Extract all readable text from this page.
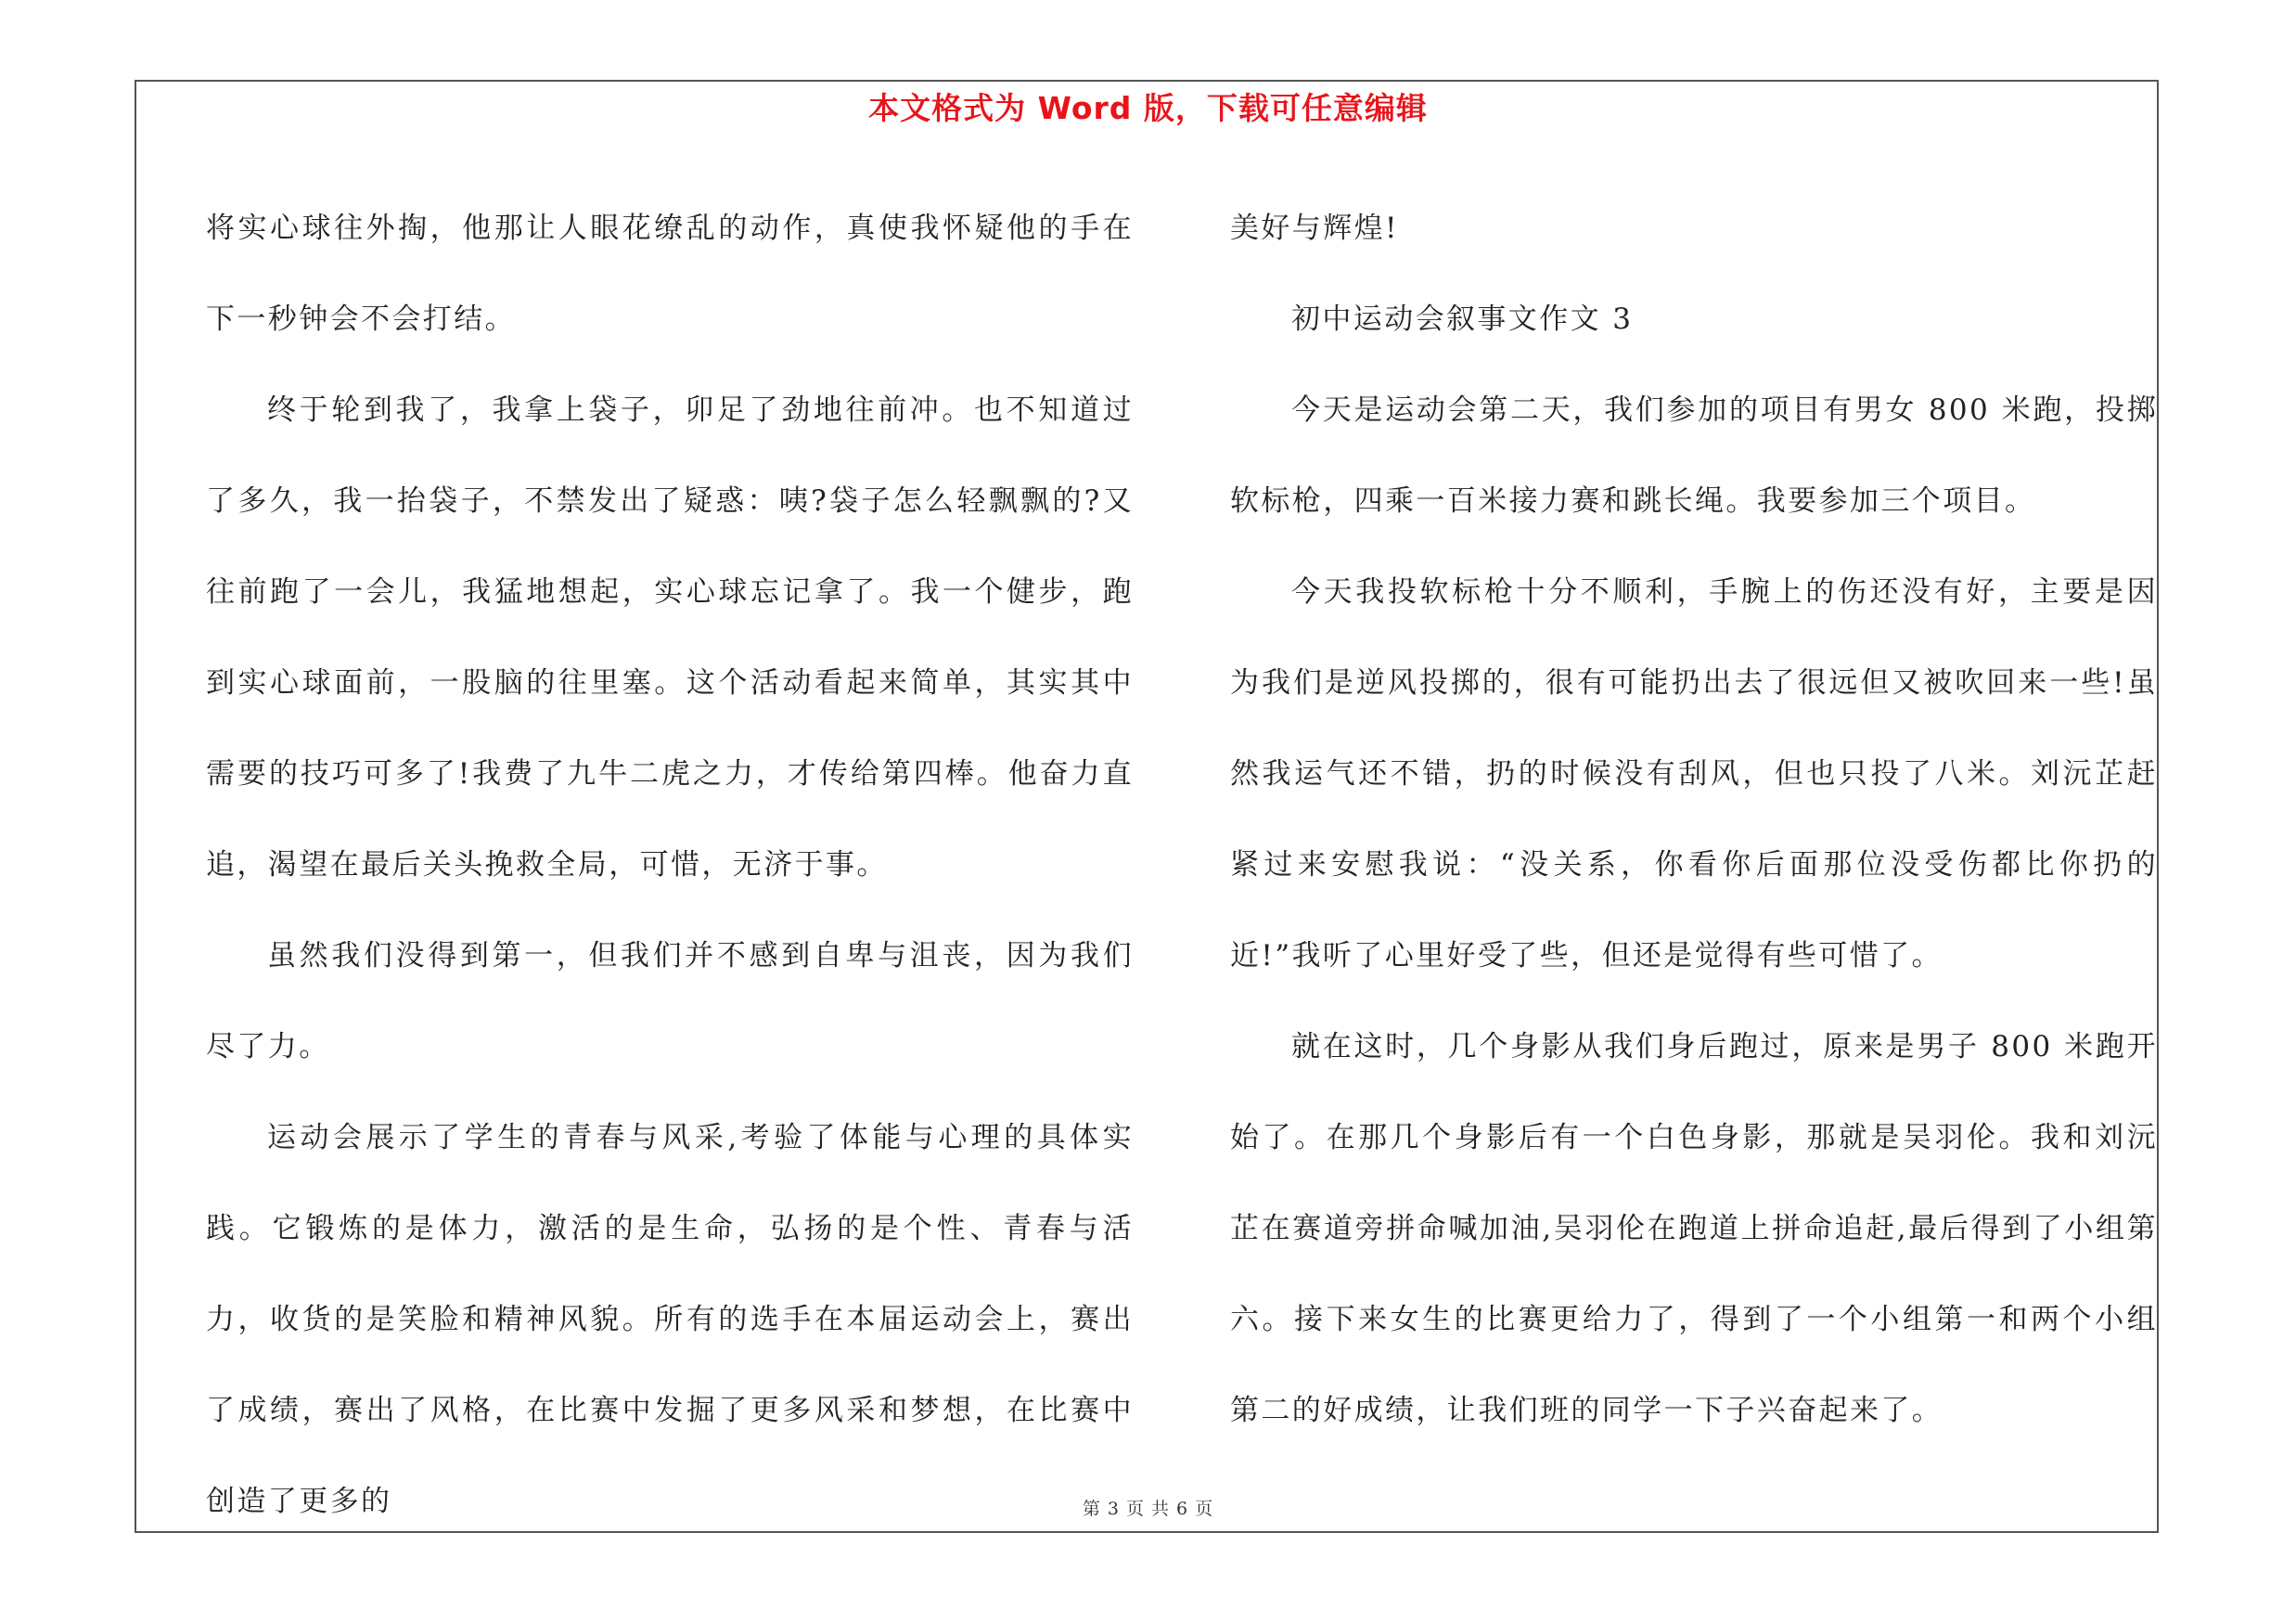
本文格式为 Word 版，下载可任意编辑

将实心球往外掏，他那让人眼花缭乱的动作，真使我怀疑他的手在下一秒钟会不会打结。

终于轮到我了，我拿上袋子，卯足了劲地往前冲。也不知道过了多久，我一抬袋子，不禁发出了疑惑：咦?袋子怎么轻飘飘的?又往前跑了一会儿，我猛地想起，实心球忘记拿了。我一个健步，跑到实心球面前，一股脑的往里塞。这个活动看起来简单，其实其中需要的技巧可多了!我费了九牛二虎之力，才传给第四棒。他奋力直追，渴望在最后关头挽救全局，可惜，无济于事。

虽然我们没得到第一，但我们并不感到自卑与沮丧，因为我们尽了力。

运动会展示了学生的青春与风采,考验了体能与心理的具体实践。它锻炼的是体力，激活的是生命，弘扬的是个性、青春与活力，收货的是笑脸和精神风貌。所有的选手在本届运动会上，赛出了成绩，赛出了风格，在比赛中发掘了更多风采和梦想，在比赛中创造了更多的

美好与辉煌!

初中运动会叙事文作文 3

今天是运动会第二天，我们参加的项目有男女 800 米跑，投掷软标枪，四乘一百米接力赛和跳长绳。我要参加三个项目。

今天我投软标枪十分不顺利，手腕上的伤还没有好，主要是因为我们是逆风投掷的，很有可能扔出去了很远但又被吹回来一些!虽然我运气还不错，扔的时候没有刮风，但也只投了八米。刘沅芷赶紧过来安慰我说：“没关系，你看你后面那位没受伤都比你扔的近!”我听了心里好受了些，但还是觉得有些可惜了。

就在这时，几个身影从我们身后跑过，原来是男子 800 米跑开始了。在那几个身影后有一个白色身影，那就是吴羽伦。我和刘沅芷在赛道旁拼命喊加油,吴羽伦在跑道上拼命追赶,最后得到了小组第六。接下来女生的比赛更给力了，得到了一个小组第一和两个小组第二的好成绩，让我们班的同学一下子兴奋起来了。

第 3 页 共 6 页
